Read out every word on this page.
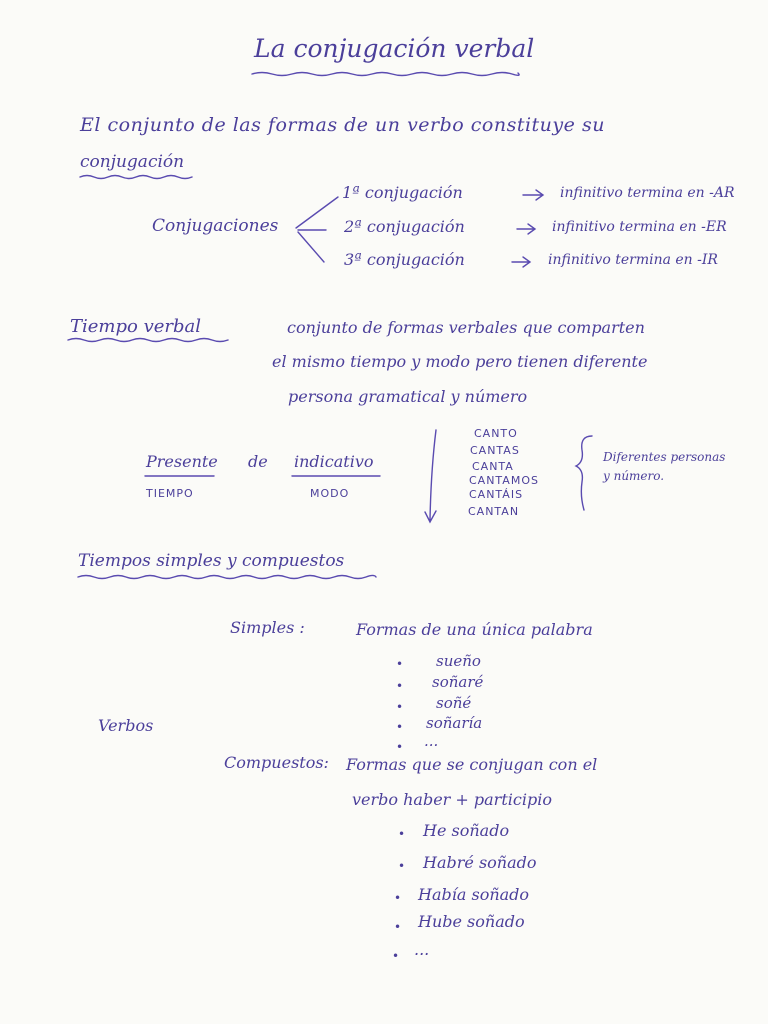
La conjugación verbal
El conjunto de las formas de un verbo constituye su
conjugación
Conjugaciones
1ª conjugación	infinitivo termina en -AR
2ª conjugación	infinitivo termina en -ER
3ª conjugación	infinitivo termina en -IR
Tiempo verbal	conjunto de formas verbales que comparten
el mismo tiempo y modo pero tienen diferente
persona gramatical y número
Presente de indicativo
TIEMPO	MODO
CANTO
CANTAS
CANTA
CANTAMOS
CANTÁIS
CANTAN
Diferentes personas
y número.
Tiempos simples y compuestos
Simples :	Formas de una única palabra
• sueño
• soñaré
• soñé
• soñaría
• ...
Verbos
Compuestos: Formas que se conjugan con el
verbo haber + participio
• He soñado
• Habré soñado
• Había soñado
• Hube soñado
• ...
